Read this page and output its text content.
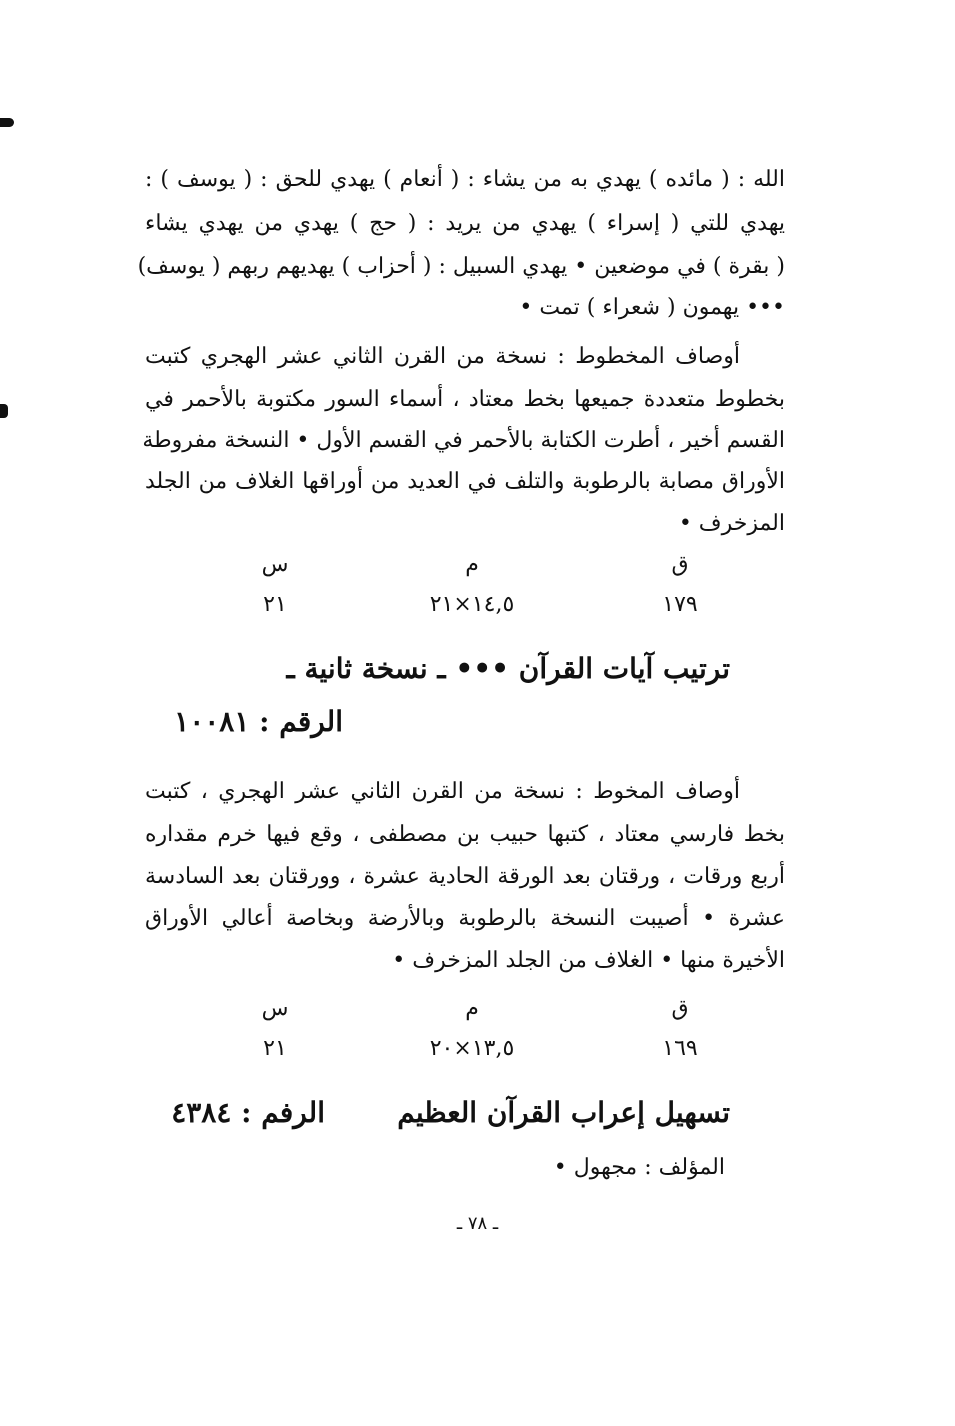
الله : ( مائده ) يهدي به من يشاء : ( أنعام ) يهدي للحق : ( يوسف ) :
يهدي للتي ( إسراء ) يهدي من يريد : ( حج ) يهدي من يهدي يشاء
( بقرة ) في موضعين • يهدي السبيل : ( أحزاب ) يهديهم ربهم ( يوسف)
••• يهمون ( شعراء ) تمت •
أوصاف المخطوط : نسخة من القرن الثاني عشر الهجري كتبت
بخطوط متعددة جميعها بخط معتاد ، أسماء السور مكتوبة بالأحمر في
القسم أخير ، أطرت الكتابة بالأحمر في القسم الأول • النسخة مفروطة
الأوراق مصابة بالرطوبة والتلف في العديد من أوراقها الغلاف من الجلد
المزخرف •
ق
م
س
١٧٩
١٤,٥×٢١
٢١
ترتيب آيات القرآن ••• ـ نسخة ثانية ـ
الرقم : ١٠٠٨١
أوصاف المخوط : نسخة من القرن الثاني عشر الهجري ، كتبت
بخط فارسي معتاد ، كتبها حبيب بن مصطفى ، وقع فيها خرم مقداره
أربع ورقات ، ورقتان بعد الورقة الحادية عشرة ، وورقتان بعد السادسة
عشرة • أصيبت النسخة بالرطوبة وبالأرضة وبخاصة أعالي الأوراق
الأخيرة منها • الغلاف من الجلد المزخرف •
ق
م
س
١٦٩
١٣,٥×٢٠
٢١
تسهيل إعراب القرآن العظيم
الرفم : ٤٣٨٤
المؤلف : مجهول •
ـ ٧٨ ـ
